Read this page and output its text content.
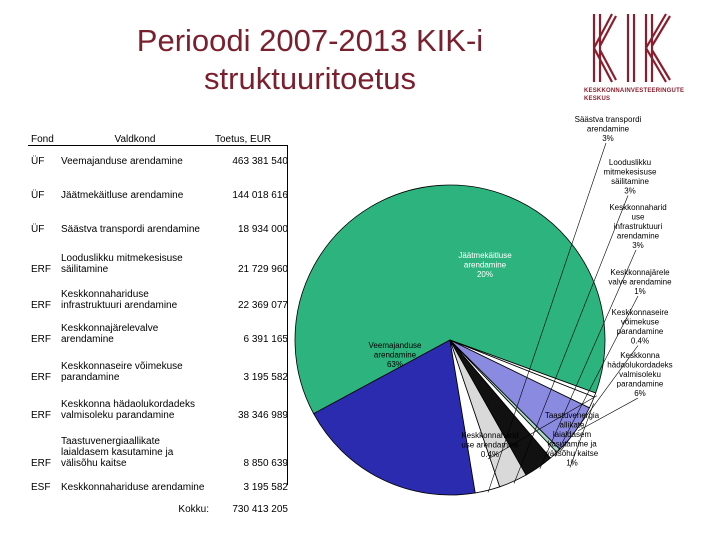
Perioodi 2007-2013 KIK-i
struktuuritoetus	KESKKONNAINVESTEERINGUTE
KESKUS
Fond	Valdkond	Toetus, EUR
ÜF	Veemajanduse arendamine	463 381 540
ÜF	Jäätmekäitluse arendamine	144 018 616
ÜF	Säästva transpordi arendamine	18 934 000
ERF	Looduslikku mitmekesisuse säilitamine	21 729 960
ERF	Keskkonnahariduse infrastruktuuri arendamine	22 369 077
ERF	Keskkonnajärelevalve arendamine	6 391 165
ERF	Keskkonnaseire võimekuse parandamine	3 195 582
ERF	Keskkonna hädaolukordadeks valmisoleku parandamine	38 346 989
ERF	Taastuvenergiaallikate laialdasem kasutamine ja välisõhu kaitse	8 850 639
ESF	Keskkonnahariduse arendamine	3 195 582
	Kokku:	730 413 205
Säästva transpordi arendamine 3%
Looduslikku mitmekesisuse säilitamine 3%
Keskkonnaharid use infrastruktuuri arendamine 3%
Keskkonnajärele valve arendamine 1%
Keskkonnaseire võimekuse parandamine 0.4%
Keskkonna hädaolukordadeks valmisoleku parandamine 6%
Taastuvenergia allikate laialdasem kasutamine ja välisõhu kaitse 1%
Keskkonnaharid use arendamine 0.4%
Veemajanduse arendamine 63%
Jäätmekäitluse arendamine 20%
